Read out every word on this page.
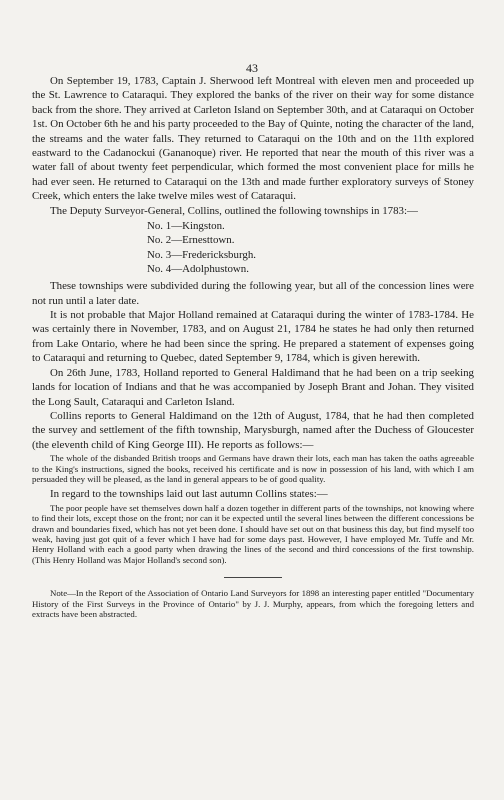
43

On September 19, 1783, Captain J. Sherwood left Montreal with eleven men and proceeded up the St. Lawrence to Cataraqui. They explored the banks of the river on their way for some distance back from the shore. They arrived at Carleton Island on September 30th, and at Cataraqui on October 1st. On October 6th he and his party proceeded to the Bay of Quinte, noting the character of the land, the streams and the water falls. They returned to Cataraqui on the 10th and on the 11th explored eastward to the Cadanockui (Gananoque) river. He reported that near the mouth of this river was a water fall of about twenty feet perpendicular, which formed the most convenient place for mills he had ever seen. He returned to Cataraqui on the 13th and made further exploratory surveys of Stoney Creek, which enters the lake twelve miles west of Cataraqui.

The Deputy Surveyor-General, Collins, outlined the following townships in 1783:—

No. 1—Kingston.
No. 2—Ernesttown.
No. 3—Fredericksburgh.
No. 4—Adolphustown.

These townships were subdivided during the following year, but all of the concession lines were not run until a later date.

It is not probable that Major Holland remained at Cataraqui during the winter of 1783-1784. He was certainly there in November, 1783, and on August 21, 1784 he states he had only then returned from Lake Ontario, where he had been since the spring. He prepared a statement of expenses going to Cataraqui and returning to Quebec, dated September 9, 1784, which is given herewith.

On 26th June, 1783, Holland reported to General Haldimand that he had been on a trip seeking lands for location of Indians and that he was accompanied by Joseph Brant and Johan. They visited the Long Sault, Cataraqui and Carleton Island.

Collins reports to General Haldimand on the 12th of August, 1784, that he had then completed the survey and settlement of the fifth township, Marysburgh, named after the Duchess of Gloucester (the eleventh child of King George III). He reports as follows:—

The whole of the disbanded British troops and Germans have drawn their lots, each man has taken the oaths agreeable to the King's instructions, signed the books, received his certificate and is now in possession of his land, with which I am persuaded they will be pleased, as the land in general appears to be of good quality.

In regard to the townships laid out last autumn Collins states:—

The poor people have set themselves down half a dozen together in different parts of the townships, not knowing where to find their lots, except those on the front; nor can it be expected until the several lines between the different concessions be drawn and boundaries fixed, which has not yet been done. I should have set out on that business this day, but find myself too weak, having just got quit of a fever which I have had for some days past. However, I have employed Mr. Tuffe and Mr. Henry Holland with each a good party when drawing the lines of the second and third concessions of the first township. (This Henry Holland was Major Holland's second son).

Note—In the Report of the Association of Ontario Land Surveyors for 1898 an interesting paper entitled "Documentary History of the First Surveys in the Province of Ontario" by J. J. Murphy, appears, from which the foregoing letters and extracts have been abstracted.
